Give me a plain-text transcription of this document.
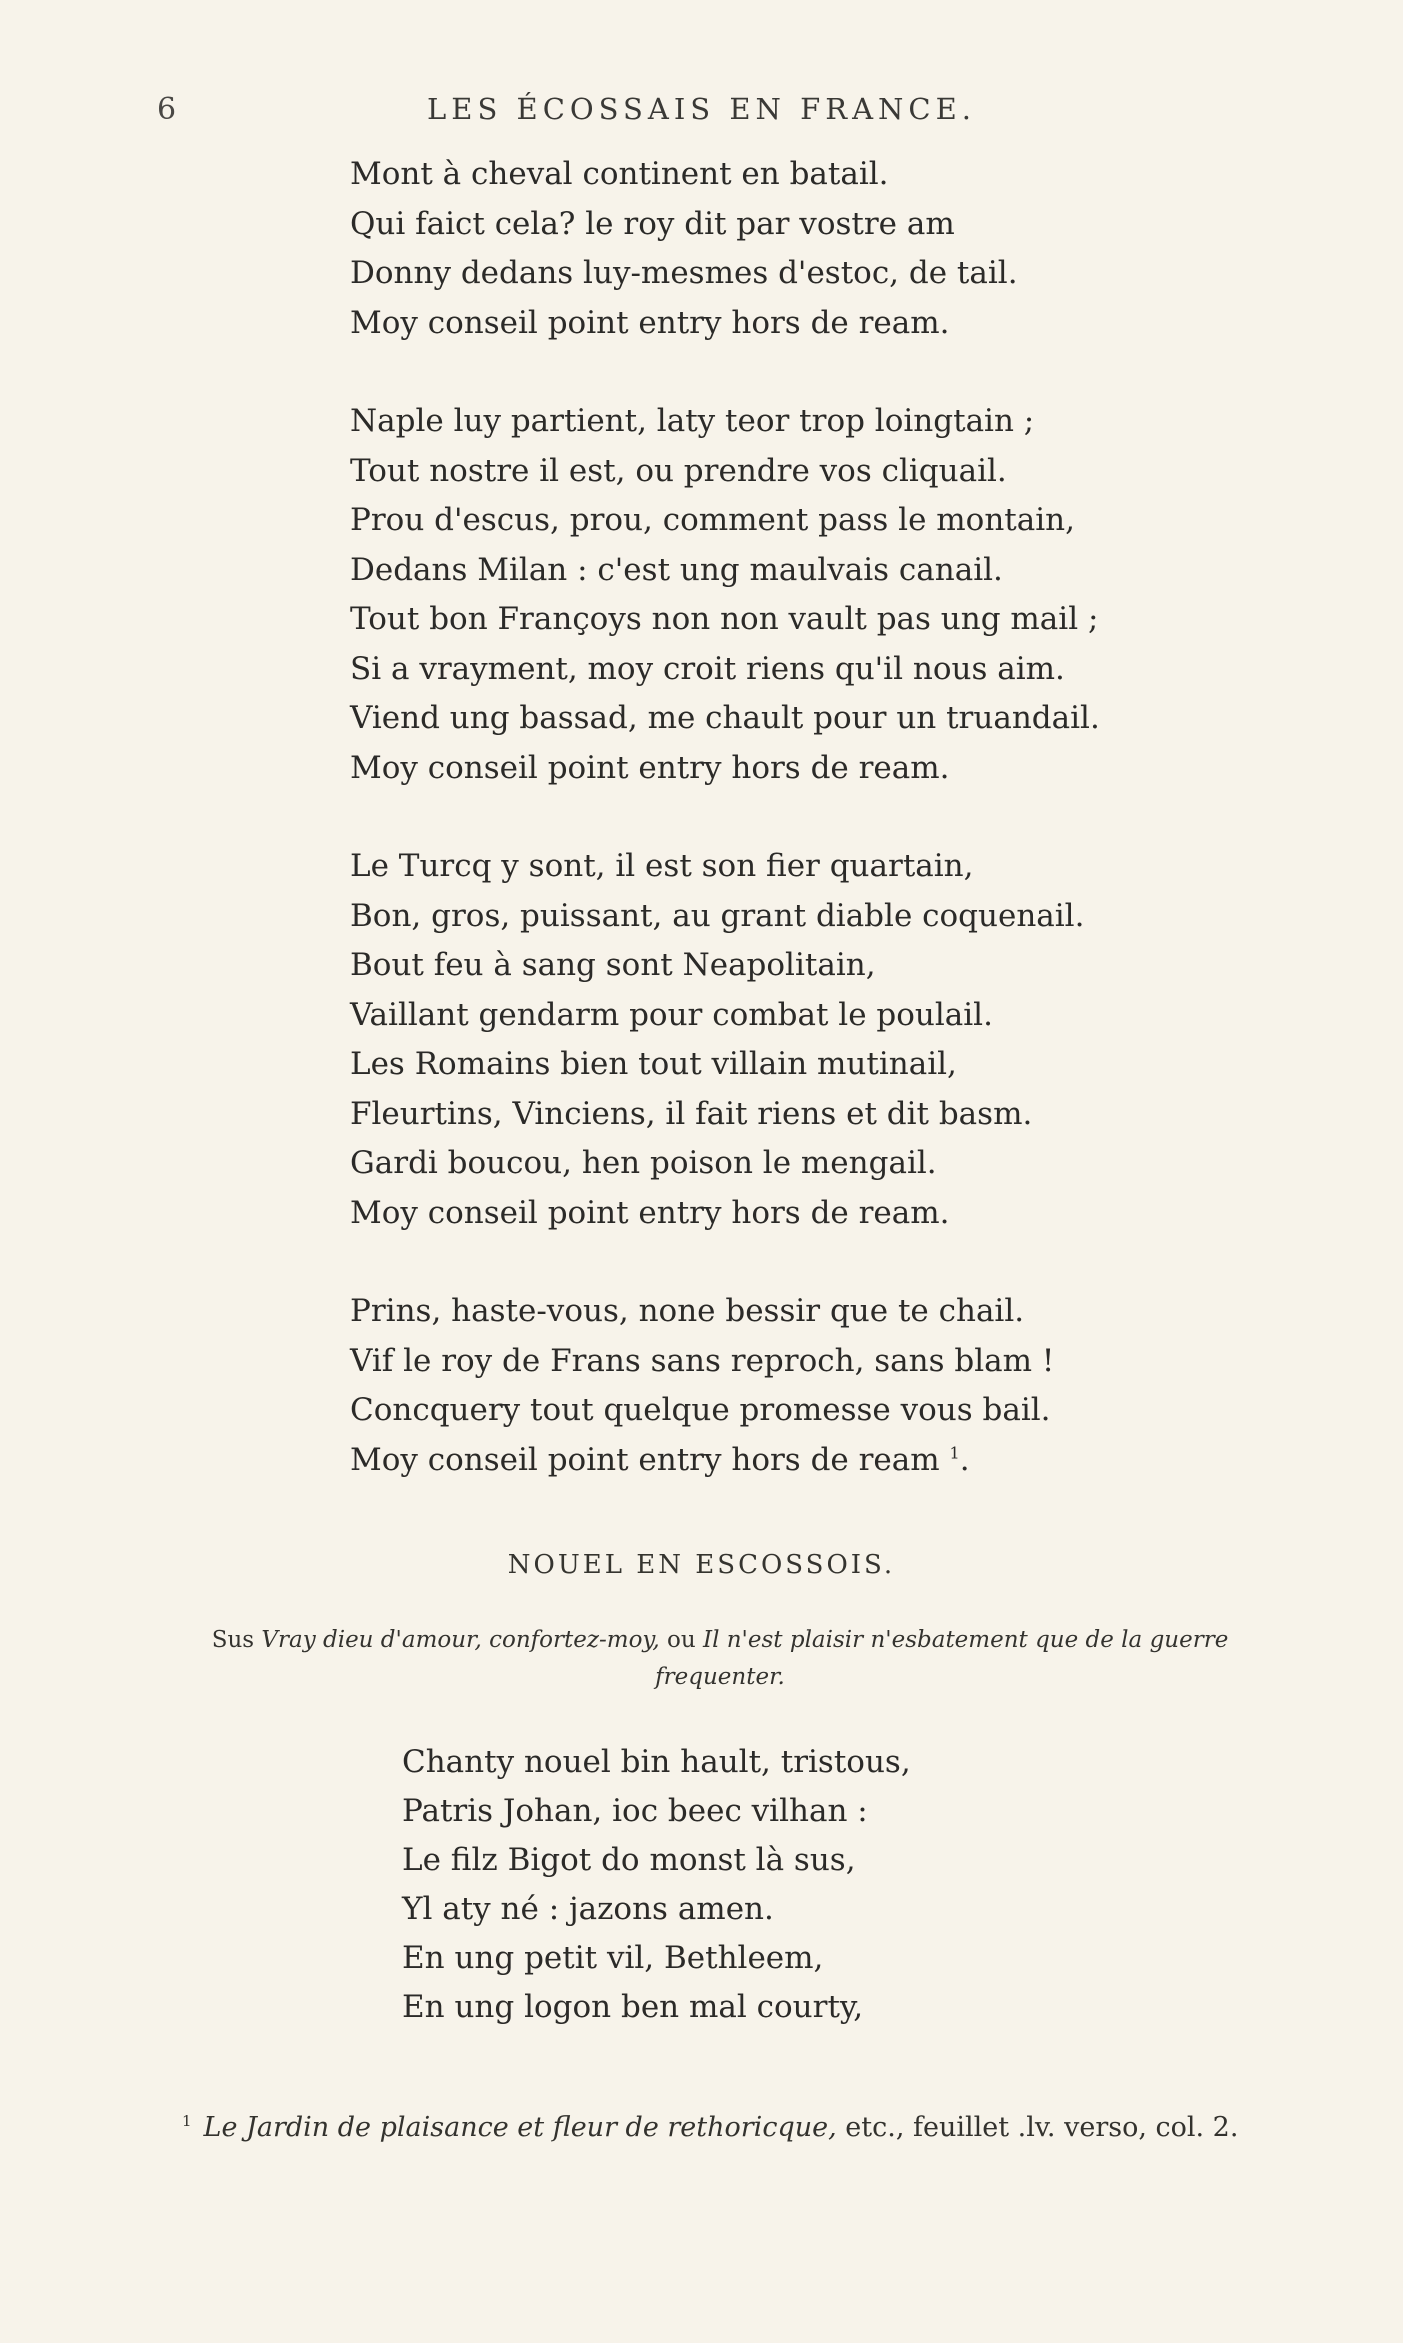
6	LES ÉCOSSAIS EN FRANCE.
Mont à cheval continent en batail.
Qui faict cela? le roy dit par vostre am
Donny dedans luy-mesmes d'estoc, de tail.
Moy conseil point entry hors de ream.
Naple luy partient, laty teor trop loingtain ;
Tout nostre il est, ou prendre vos cliquail.
Prou d'escus, prou, comment pass le montain,
Dedans Milan : c'est ung maulvais canail.
Tout bon Françoys non non vault pas ung mail ;
Si a vrayment, moy croit riens qu'il nous aim.
Viend ung bassad, me chault pour un truandail.
Moy conseil point entry hors de ream.
Le Turcq y sont, il est son fier quartain,
Bon, gros, puissant, au grant diable coquenail.
Bout feu à sang sont Neapolitain,
Vaillant gendarm pour combat le poulail.
Les Romains bien tout villain mutinail,
Fleurtins, Vinciens, il fait riens et dit basm.
Gardi boucou, hen poison le mengail.
Moy conseil point entry hors de ream.
Prins, haste-vous, none bessir que te chail.
Vif le roy de Frans sans reproch, sans blam !
Concquery tout quelque promesse vous bail.
Moy conseil point entry hors de ream $^1$.
NOUEL EN ESCOSSOIS.
Sus Vray dieu d'amour, confortez-moy, ou Il n'est plaisir n'esbatement que de la guerre frequenter.
Chanty nouel bin hault, tristous,
Patris Johan, ioc beec vilhan :
Le filz Bigot do monst là sus,
Yl aty né : jazons amen.
En ung petit vil, Bethleem,
En ung logon ben mal courty,
$^1$ Le Jardin de plaisance et fleur de rethoricque, etc., feuillet .lv. verso, col. 2.
